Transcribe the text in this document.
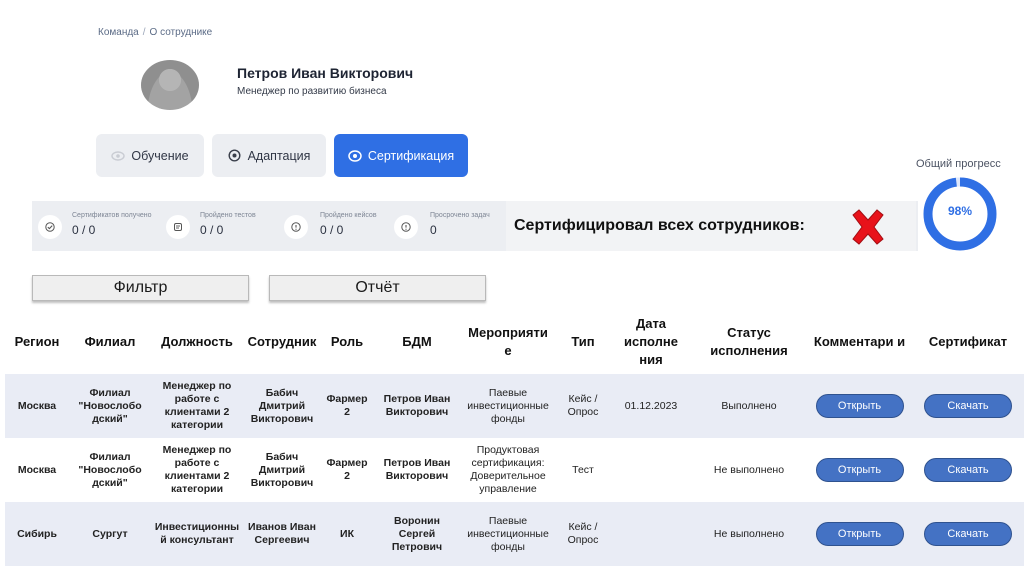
Команда / О сотруднике
Петров Иван Викторович
Менеджер по развитию бизнеса
Обучение	Адаптация	Сертификация
Сертификатов получено
0 / 0
Пройдено тестов
0 / 0
Пройдено кейсов
0 / 0
Просрочено задач
0	Сертифицировал всех сотрудников:
Общий прогресс
98%
Фильтр	Отчёт
Регион	Филиал	Должность	Сотрудник	Роль	БДМ	Мероприяти е	Тип	Дата исполне ния	Статус исполнения	Комментари и	Сертификат
Москва	Филиал "Новослобо дский"	Менеджер по работе с клиентами 2 категории	Бабич Дмитрий Викторович	Фармер 2	Петров Иван Викторович	Паевые инвестиционные фонды	Кейс / Опрос	01.12.2023	Выполнено	Открыть	Скачать
Москва	Филиал "Новослобо дский"	Менеджер по работе с клиентами 2 категории	Бабич Дмитрий Викторович	Фармер 2	Петров Иван Викторович	Продуктовая сертификация: Доверительное управление	Тест		Не выполнено	Открыть	Скачать
Сибирь	Сургут	Инвестиционны й консультант	Иванов Иван Сергеевич	ИК	Воронин Сергей Петрович	Паевые инвестиционные фонды	Кейс / Опрос		Не выполнено	Открыть	Скачать
